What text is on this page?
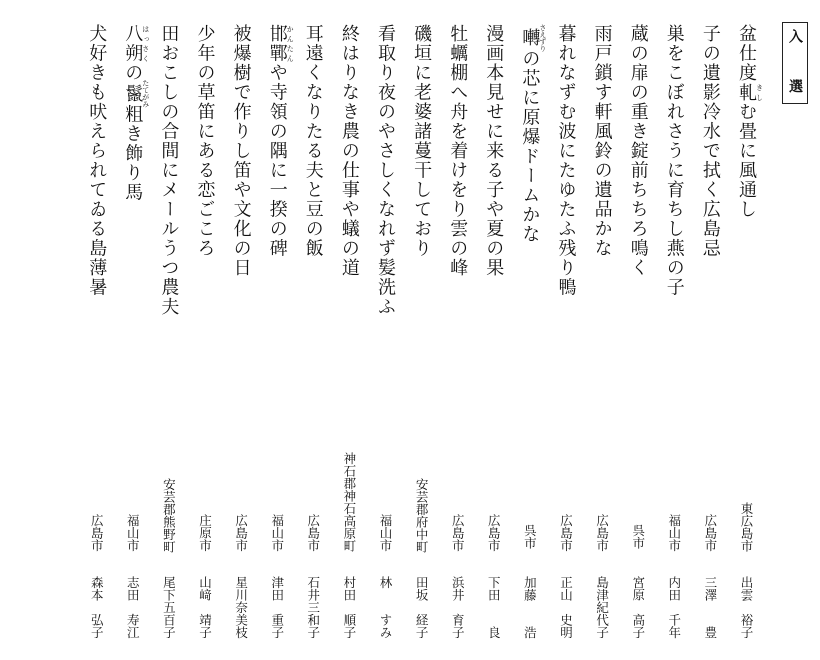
入 選
盆仕度軋きしむ畳に風通し
東広島市
出雲　裕子
子の遺影冷水で拭く広島忌
広島市
三澤　　豊
巣をこぼれさうに育ちし燕の子
福山市
内田　千年
蔵の扉の重き錠前ちちろ鳴く
呉市
宮原　高子
雨戸鎖す軒風鈴の遺品かな
広島市
島津紀代子
暮れなずむ波にたゆたふ残り鴨
広島市
正山　史明
囀さえずりの芯に原爆ドームかな
呉市
加藤　　浩
漫画本見せに来る子や夏の果
広島市
下田　　良
牡蠣棚へ舟を着けをり雲の峰
広島市
浜井　育子
磯垣に老婆諸蔓干しており
安芸郡府中町
田坂　経子
看取り夜のやさしくなれず髪洗ふ
福山市
林　　すみ
終はりなき農の仕事や蟻の道
神石郡神石高原町
村田　順子
耳遠くなりたる夫と豆の飯
広島市
石井三和子
邯鄲かんたんや寺領の隅に一揆の碑
福山市
津田　重子
被爆樹で作りし笛や文化の日
広島市
星川奈美枝
少年の草笛にある恋ごころ
庄原市
山﨑　靖子
田おこしの合間にメールうつ農夫
安芸郡熊野町
尾下五百子
八朔はっさくの鬣たてがみ粗き飾り馬
福山市
志田　寿江
犬好きも吠えられてゐる島薄暑
広島市
森本　弘子
